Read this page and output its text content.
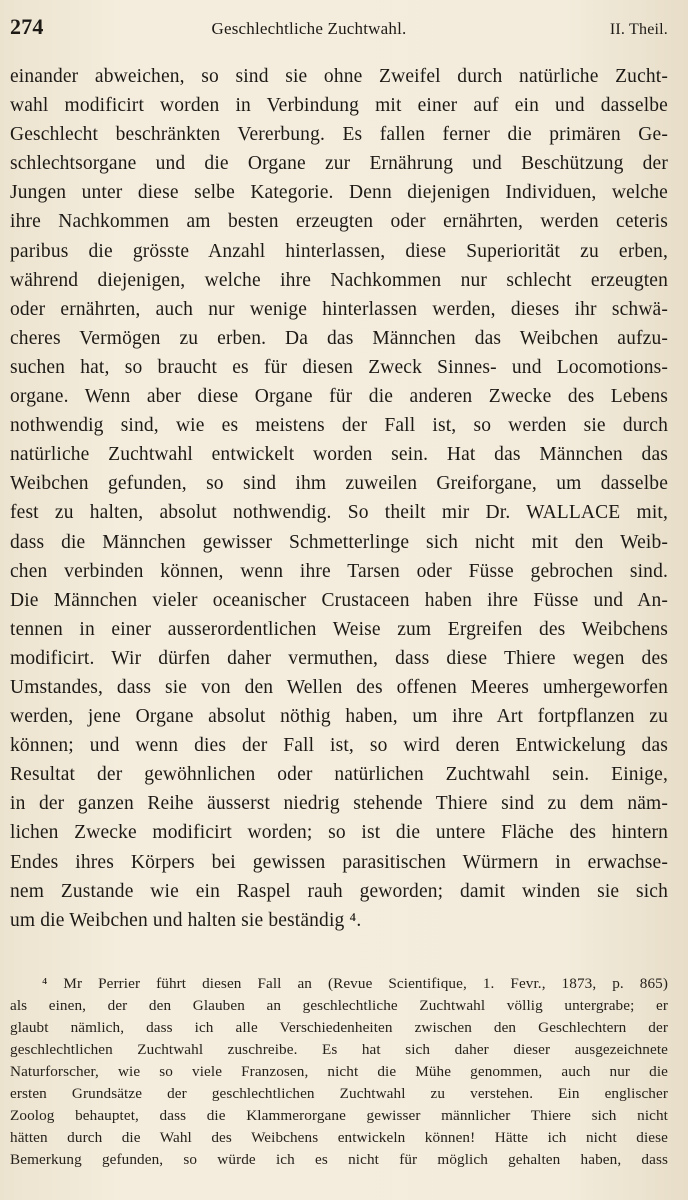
274	Geschlechtliche Zuchtwahl.	II. Theil.
einander abweichen, so sind sie ohne Zweifel durch natürliche Zucht-
wahl modificirt worden in Verbindung mit einer auf ein und dasselbe
Geschlecht beschränkten Vererbung. Es fallen ferner die primären Ge-
schlechtsorgane und die Organe zur Ernährung und Beschützung der
Jungen unter diese selbe Kategorie. Denn diejenigen Individuen, welche
ihre Nachkommen am besten erzeugten oder ernährten, werden ceteris
paribus die grösste Anzahl hinterlassen, diese Superiorität zu erben,
während diejenigen, welche ihre Nachkommen nur schlecht erzeugten
oder ernährten, auch nur wenige hinterlassen werden, dieses ihr schwä-
cheres Vermögen zu erben. Da das Männchen das Weibchen aufzu-
suchen hat, so braucht es für diesen Zweck Sinnes- und Locomotions-
organe. Wenn aber diese Organe für die anderen Zwecke des Lebens
nothwendig sind, wie es meistens der Fall ist, so werden sie durch
natürliche Zuchtwahl entwickelt worden sein. Hat das Männchen das
Weibchen gefunden, so sind ihm zuweilen Greiforgane, um dasselbe
fest zu halten, absolut nothwendig. So theilt mir Dr. WALLACE mit,
dass die Männchen gewisser Schmetterlinge sich nicht mit den Weib-
chen verbinden können, wenn ihre Tarsen oder Füsse gebrochen sind.
Die Männchen vieler oceanischer Crustaceen haben ihre Füsse und An-
tennen in einer ausserordentlichen Weise zum Ergreifen des Weibchens
modificirt. Wir dürfen daher vermuthen, dass diese Thiere wegen des
Umstandes, dass sie von den Wellen des offenen Meeres umhergeworfen
werden, jene Organe absolut nöthig haben, um ihre Art fortpflanzen zu
können; und wenn dies der Fall ist, so wird deren Entwickelung das
Resultat der gewöhnlichen oder natürlichen Zuchtwahl sein. Einige,
in der ganzen Reihe äusserst niedrig stehende Thiere sind zu dem näm-
lichen Zwecke modificirt worden; so ist die untere Fläche des hintern
Endes ihres Körpers bei gewissen parasitischen Würmern in erwachse-
nem Zustande wie ein Raspel rauh geworden; damit winden sie sich
um die Weibchen und halten sie beständig ⁴.
⁴ Mr Perrier führt diesen Fall an (Revue Scientifique, 1. Fevr., 1873, p. 865)
als einen, der den Glauben an geschlechtliche Zuchtwahl völlig untergrabe; er
glaubt nämlich, dass ich alle Verschiedenheiten zwischen den Geschlechtern der
geschlechtlichen Zuchtwahl zuschreibe. Es hat sich daher dieser ausgezeichnete
Naturforscher, wie so viele Franzosen, nicht die Mühe genommen, auch nur die
ersten Grundsätze der geschlechtlichen Zuchtwahl zu verstehen. Ein englischer
Zoolog behauptet, dass die Klammerorgane gewisser männlicher Thiere sich nicht
hätten durch die Wahl des Weibchens entwickeln können! Hätte ich nicht diese
Bemerkung gefunden, so würde ich es nicht für möglich gehalten haben, dass
